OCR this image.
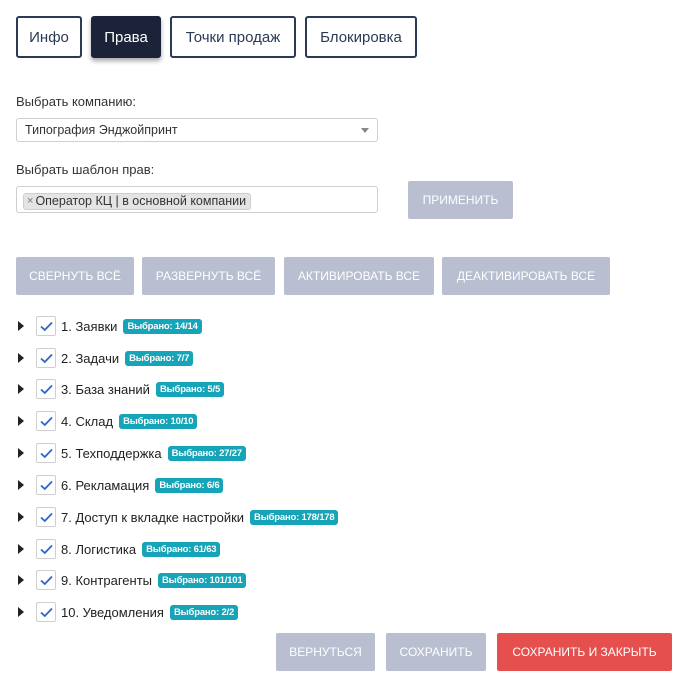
Инфо	Права	Точки продаж	Блокировка
Выбрать компанию:
Типография Энджойпринт
Выбрать шаблон прав:
× Оператор КЦ | в основной компании	ПРИМЕНИТЬ
СВЕРНУТЬ ВСЁ	РАЗВЕРНУТЬ ВСЁ	АКТИВИРОВАТЬ ВСЕ	ДЕАКТИВИРОВАТЬ ВСЕ
1. Заявки	Выбрано: 14/14
2. Задачи	Выбрано: 7/7
3. База знаний	Выбрано: 5/5
4. Склад	Выбрано: 10/10
5. Техподдержка	Выбрано: 27/27
6. Рекламация	Выбрано: 6/6
7. Доступ к вкладке настройки	Выбрано: 178/178
8. Логистика	Выбрано: 61/63
9. Контрагенты	Выбрано: 101/101
10. Уведомления	Выбрано: 2/2
ВЕРНУТЬСЯ	СОХРАНИТЬ	СОХРАНИТЬ И ЗАКРЫТЬ
